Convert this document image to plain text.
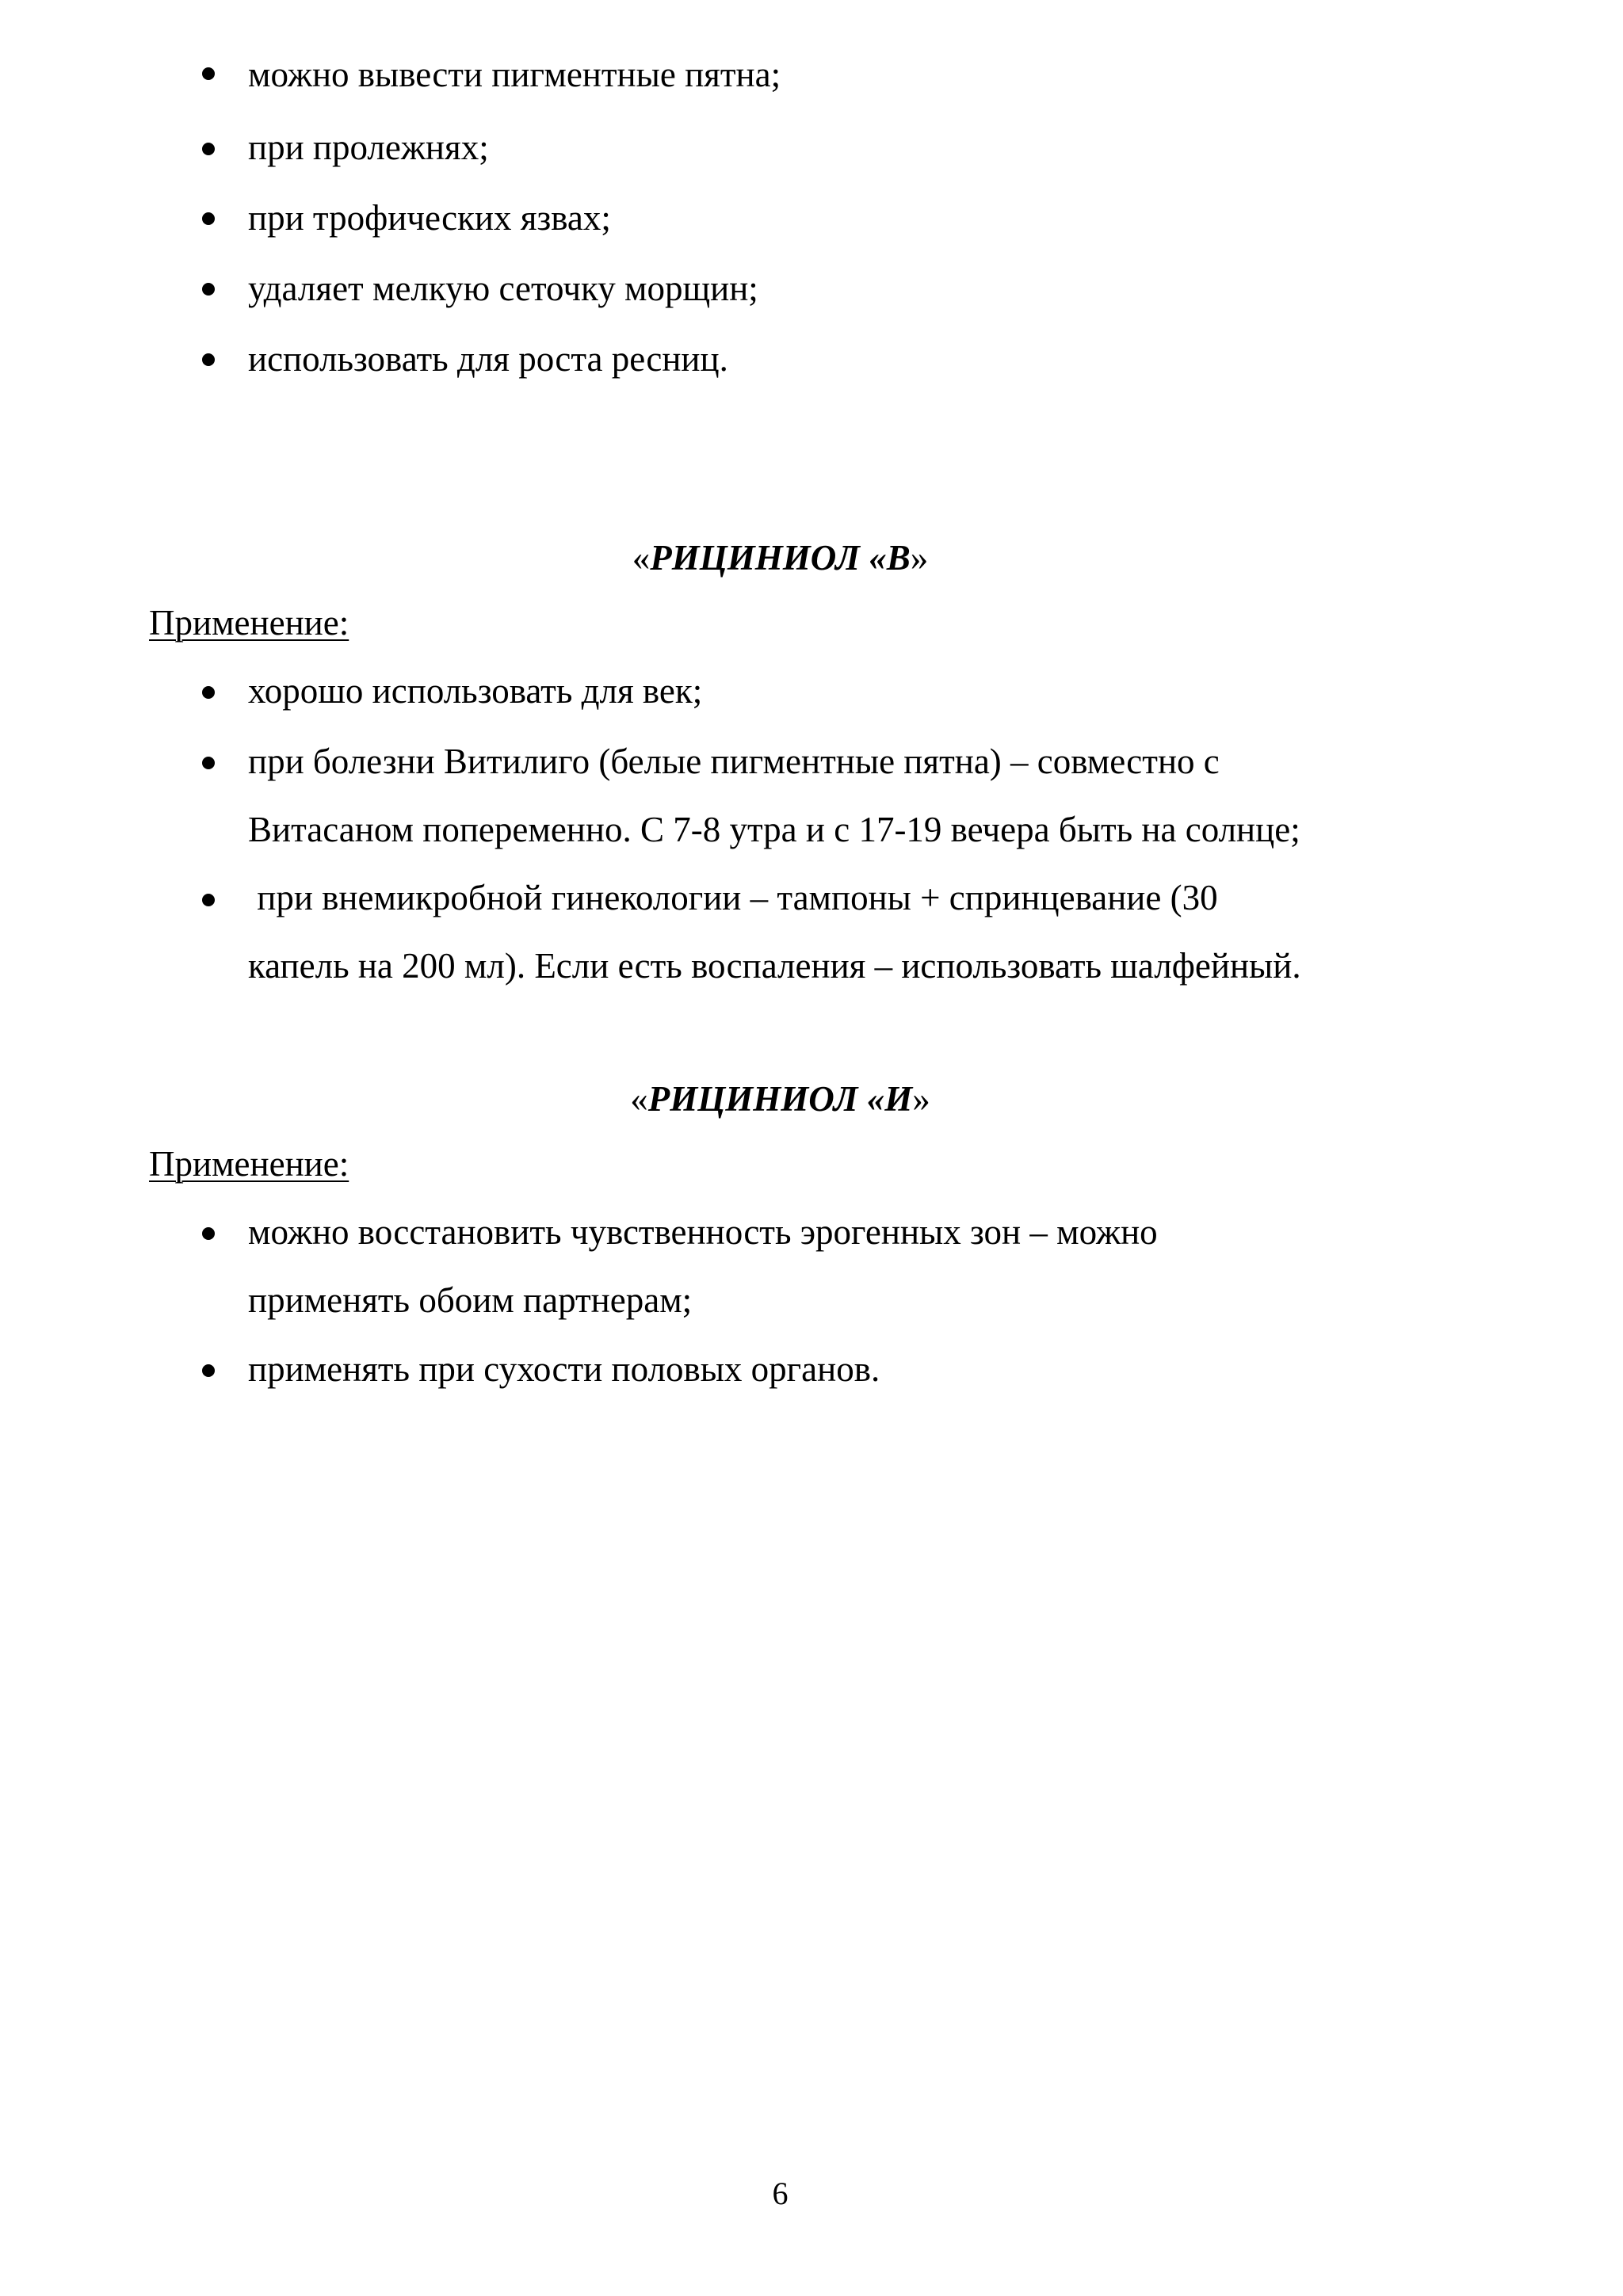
можно вывести пигментные пятна;
при пролежнях;
при трофических язвах;
удаляет мелкую сеточку морщин;
использовать для роста ресниц.
«РИЦИНИОЛ «В»
Применение:
хорошо использовать для век;
при болезни Витилиго (белые пигментные пятна) – совместно с
Витасаном попеременно. С 7-8 утра и с 17-19 вечера быть на солнце;
при внемикробной гинекологии – тампоны + спринцевание (30
капель на 200 мл). Если есть воспаления – использовать шалфейный.
«РИЦИНИОЛ «И»
Применение:
можно восстановить чувственность эрогенных зон – можно
применять обоим партнерам;
применять при сухости половых органов.
6
